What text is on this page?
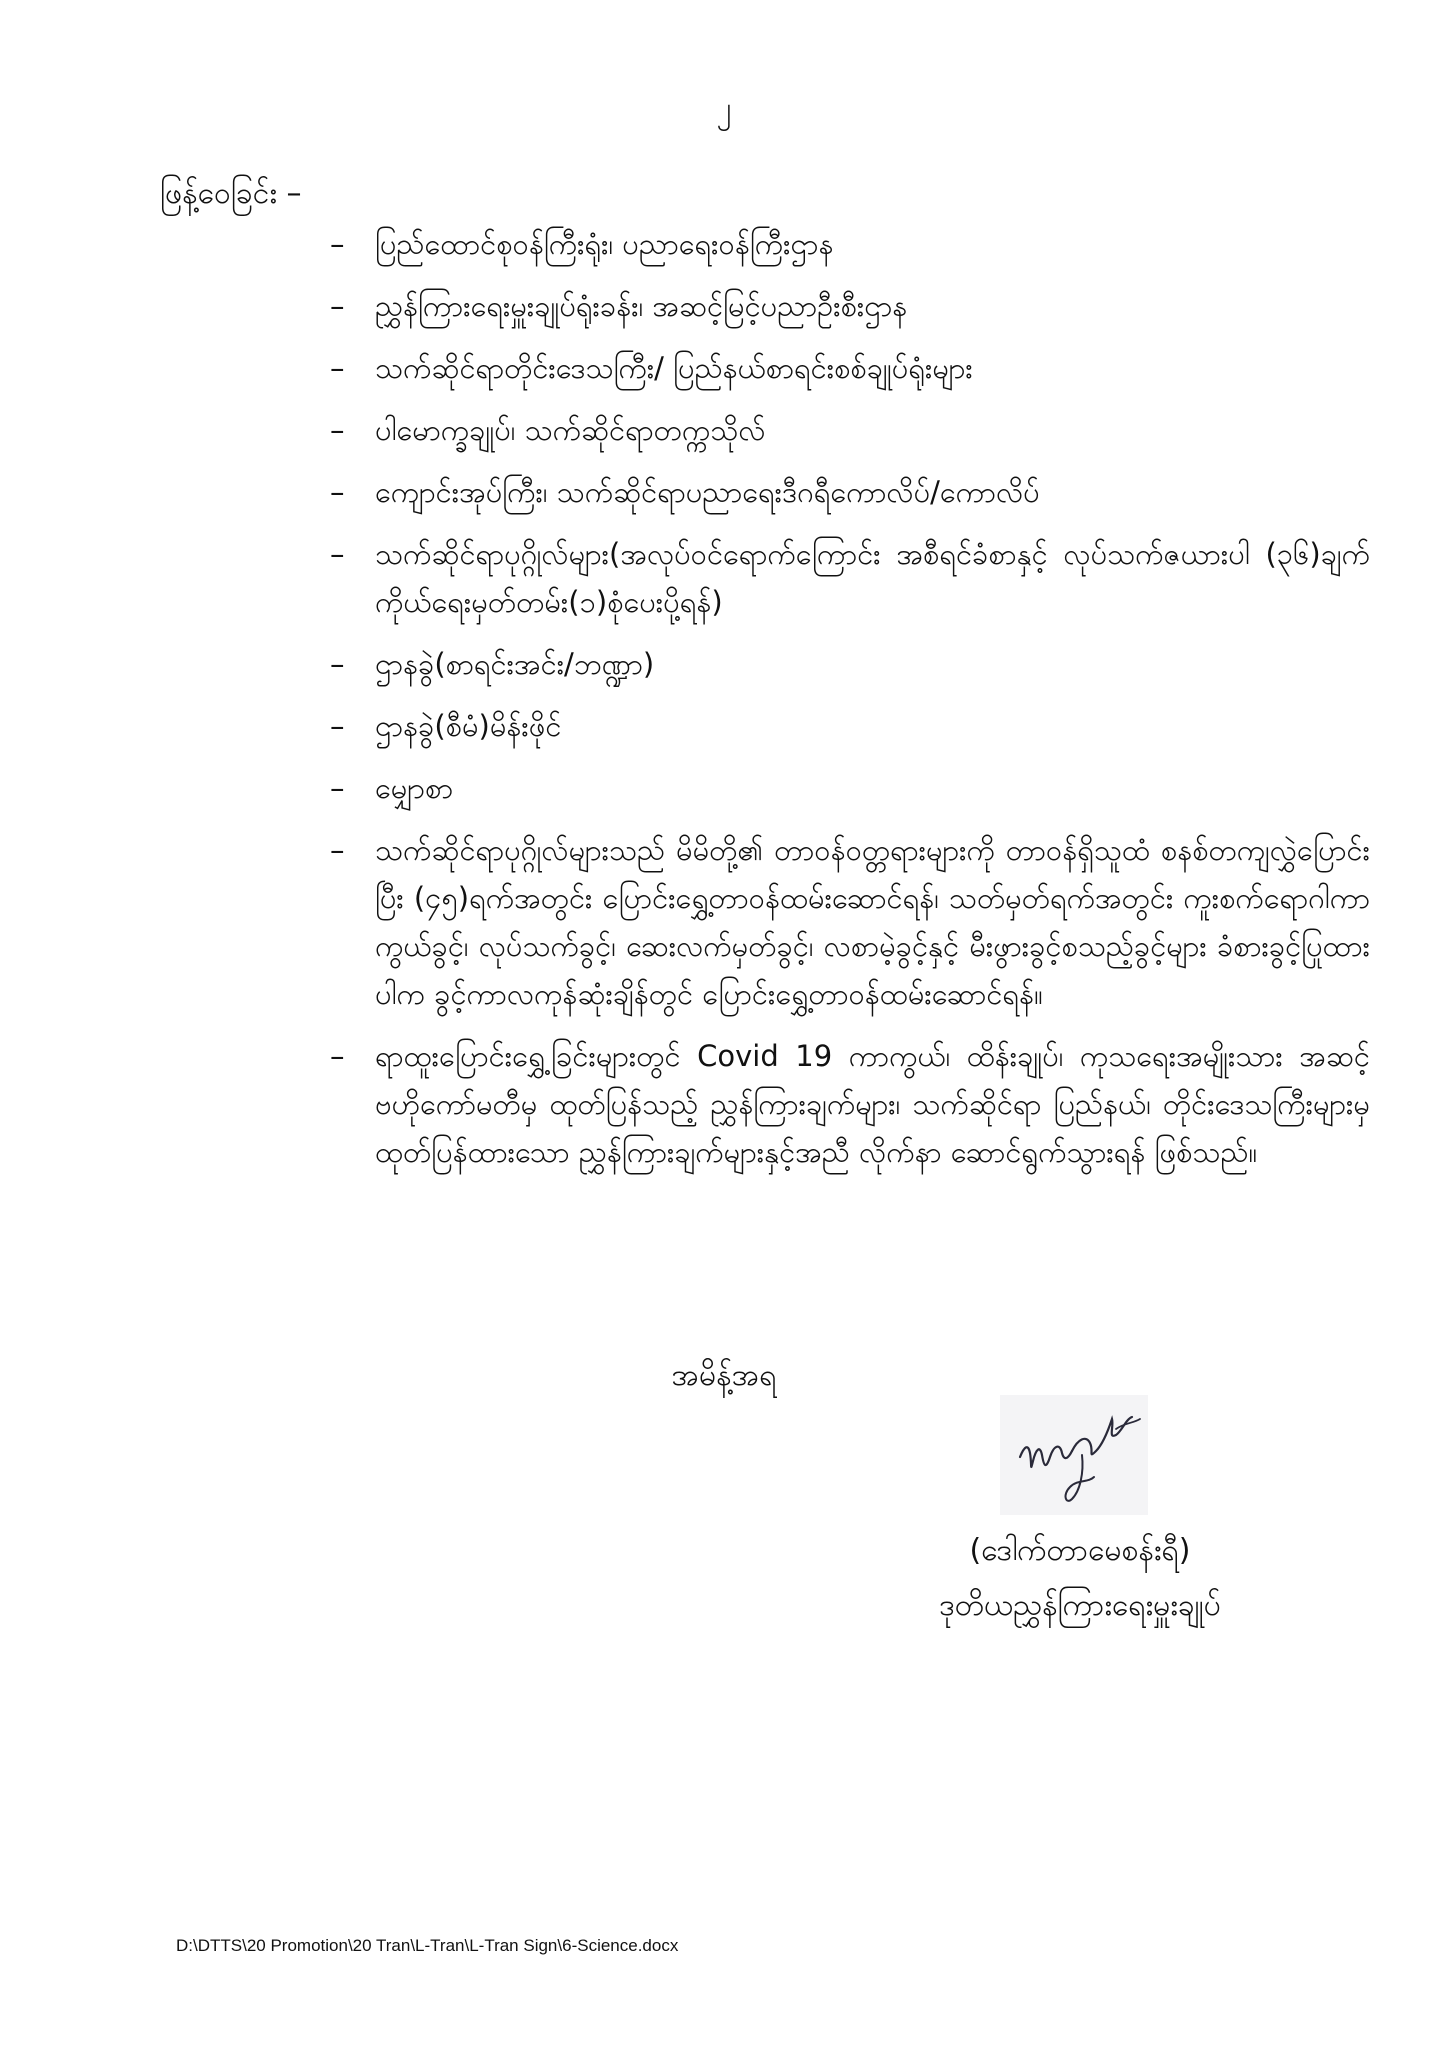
၂
ဖြန့်ဝေခြင်း –
– ပြည်ထောင်စုဝန်ကြီးရုံး၊ ပညာရေးဝန်ကြီးဌာန
– ညွှန်ကြားရေးမှူးချုပ်ရုံးခန်း၊ အဆင့်မြင့်ပညာဦးစီးဌာန
– သက်ဆိုင်ရာတိုင်းဒေသကြီး/ ပြည်နယ်စာရင်းစစ်ချုပ်ရုံးများ
– ပါမောက္ခချုပ်၊ သက်ဆိုင်ရာတက္ကသိုလ်
– ကျောင်းအုပ်ကြီး၊ သက်ဆိုင်ရာပညာရေးဒီဂရီကောလိပ်/ကောလိပ်
– သက်ဆိုင်ရာပုဂ္ဂိုလ်များ(အလုပ်ဝင်ရောက်ကြောင်း အစီရင်ခံစာနှင့် လုပ်သက်ဇယားပါ (၃၆)ချက်ကိုယ်ရေးမှတ်တမ်း(၁)စုံပေးပို့ရန်)
– ဌာနခွဲ(စာရင်းအင်း/ဘဏ္ဍာ)
– ဌာနခွဲ(စီမံ)မိန်းဖိုင်
– မျှောစာ
– သက်ဆိုင်ရာပုဂ္ဂိုလ်များသည် မိမိတို့၏ တာဝန်ဝတ္တရားများကို တာဝန်ရှိသူထံ စနစ်တကျလွှဲပြောင်းပြီး (၄၅)ရက်အတွင်း ပြောင်းရွှေ့တာဝန်ထမ်းဆောင်ရန်၊ သတ်မှတ်ရက်အတွင်း ကူးစက်ရောဂါကာကွယ်ခွင့်၊ လုပ်သက်ခွင့်၊ ဆေးလက်မှတ်ခွင့်၊ လစာမဲ့ခွင့်နှင့် မီးဖွားခွင့်စသည့်ခွင့်များ ခံစားခွင့်ပြုထားပါက ခွင့်ကာလကုန်ဆုံးချိန်တွင် ပြောင်းရွှေ့တာဝန်ထမ်းဆောင်ရန်။
– ရာထူးပြောင်းရွှေ့ခြင်းများတွင် Covid 19 ကာကွယ်၊ ထိန်းချုပ်၊ ကုသရေးအမျိုးသား အဆင့်ဗဟိုကော်မတီမှ ထုတ်ပြန်သည့် ညွှန်ကြားချက်များ၊ သက်ဆိုင်ရာ ပြည်နယ်၊ တိုင်းဒေသကြီးများမှ ထုတ်ပြန်ထားသော ညွှန်ကြားချက်များနှင့်အညီ လိုက်နာ ဆောင်ရွက်သွားရန် ဖြစ်သည်။
အမိန့်အရ
(ဒေါက်တာမေစန်းရီ)
ဒုတိယညွှန်ကြားရေးမှူးချုပ်
D:\DTTS\20 Promotion\20 Tran\L-Tran\L-Tran Sign\6-Science.docx
